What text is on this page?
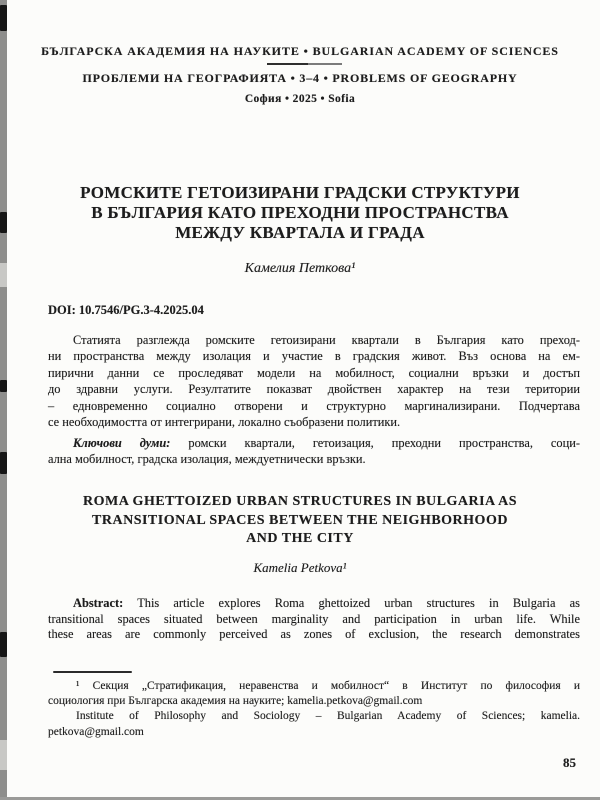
БЪЛГАРСКА АКАДЕМИЯ НА НАУКИТЕ • BULGARIAN ACADEMY OF SCIENCES
ПРОБЛЕМИ НА ГЕОГРАФИЯТА • 3–4 • PROBLEMS OF GEOGRAPHY
София • 2025 • Sofia
РОМСКИТЕ ГЕТОИЗИРАНИ ГРАДСКИ СТРУКТУРИ
В БЪЛГАРИЯ КАТО ПРЕХОДНИ ПРОСТРАНСТВА
МЕЖДУ КВАРТАЛА И ГРАДА
Камелия Петкова¹
DOI: 10.7546/PG.3-4.2025.04
Статията разглежда ромските гетоизирани квартали в България като преход-
ни пространства между изолация и участие в градския живот. Въз основа на ем-
пирични данни се проследяват модели на мобилност, социални връзки и достъп
до здравни услуги. Резултатите показват двойствен характер на тези територии
– едновременно социално отворени и структурно маргинализирани. Подчертава
се необходимостта от интегрирани, локално съобразени политики.
Ключови думи: ромски квартали, гетоизация, преходни пространства, соци-
ална мобилност, градска изолация, междуетнически връзки.
ROMA GHETTOIZED URBAN STRUCTURES IN BULGARIA AS
TRANSITIONAL SPACES BETWEEN THE NEIGHBORHOOD
AND THE CITY
Kamelia Petkova¹
Abstract: This article explores Roma ghettoized urban structures in Bulgaria as
transitional spaces situated between marginality and participation in urban life. While
these areas are commonly perceived as zones of exclusion, the research demonstrates
¹ Секция „Стратификация, неравенства и мобилност“ в Институт по философия и
социология при Българска академия на науките; kamelia.petkova@gmail.com
Institute of Philosophy and Sociology – Bulgarian Academy of Sciences; kamelia.
petkova@gmail.com
85
